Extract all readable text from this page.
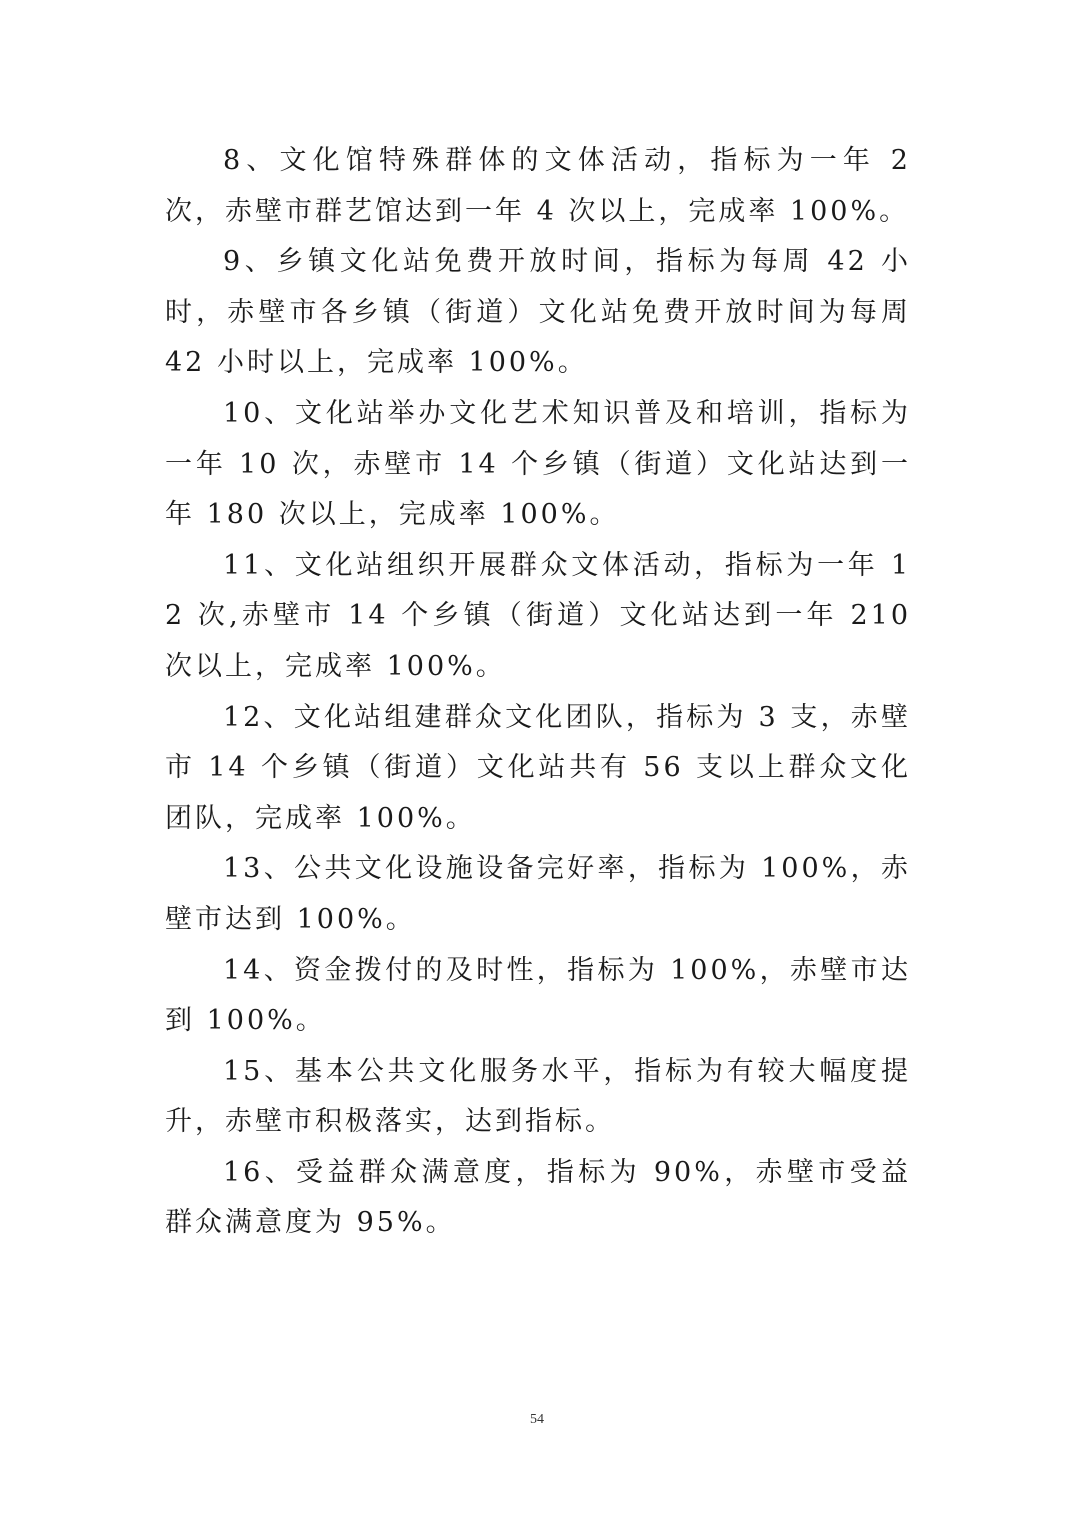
8、文化馆特殊群体的文体活动，指标为一年 2 次，赤壁市群艺馆达到一年 4 次以上，完成率 100%。

9、乡镇文化站免费开放时间，指标为每周 42 小时，赤壁市各乡镇（街道）文化站免费开放时间为每周 42 小时以上，完成率 100%。

10、文化站举办文化艺术知识普及和培训，指标为一年 10 次，赤壁市 14 个乡镇（街道）文化站达到一年 180 次以上，完成率 100%。

11、文化站组织开展群众文体活动，指标为一年 12 次,赤壁市 14 个乡镇（街道）文化站达到一年 210 次以上，完成率 100%。

12、文化站组建群众文化团队，指标为 3 支，赤壁市 14 个乡镇（街道）文化站共有 56 支以上群众文化团队，完成率 100%。

13、公共文化设施设备完好率，指标为 100%，赤壁市达到 100%。

14、资金拨付的及时性，指标为 100%，赤壁市达到 100%。

15、基本公共文化服务水平，指标为有较大幅度提升，赤壁市积极落实，达到指标。

16、受益群众满意度，指标为 90%，赤壁市受益群众满意度为 95%。

54
